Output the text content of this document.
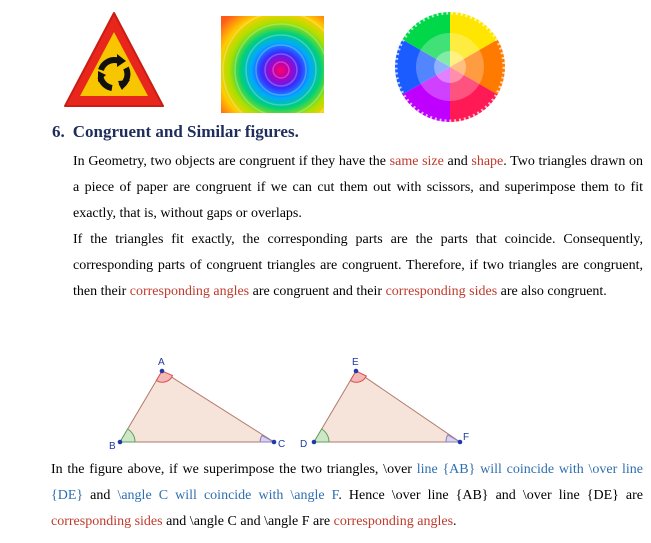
6. Congruent and Similar figures.

In Geometry, two objects are congruent if they have the same size and shape. Two triangles drawn on a piece of paper are congruent if we can cut them out with scissors, and superimpose them to fit exactly, that is, without gaps or overlaps.

If the triangles fit exactly, the corresponding parts are the parts that coincide. Consequently, corresponding parts of congruent triangles are congruent. Therefore, if two triangles are congruent, then their corresponding angles are congruent and their corresponding sides are also congruent.

A
B	C D
E
F

In the figure above, if we superimpose the two triangles, \over line {AB} will coincide with \over line {DE} and \angle C will coincide with \angle F. Hence \over line {AB} and \over line {DE} are corresponding sides and \angle C and \angle F are corresponding angles.
